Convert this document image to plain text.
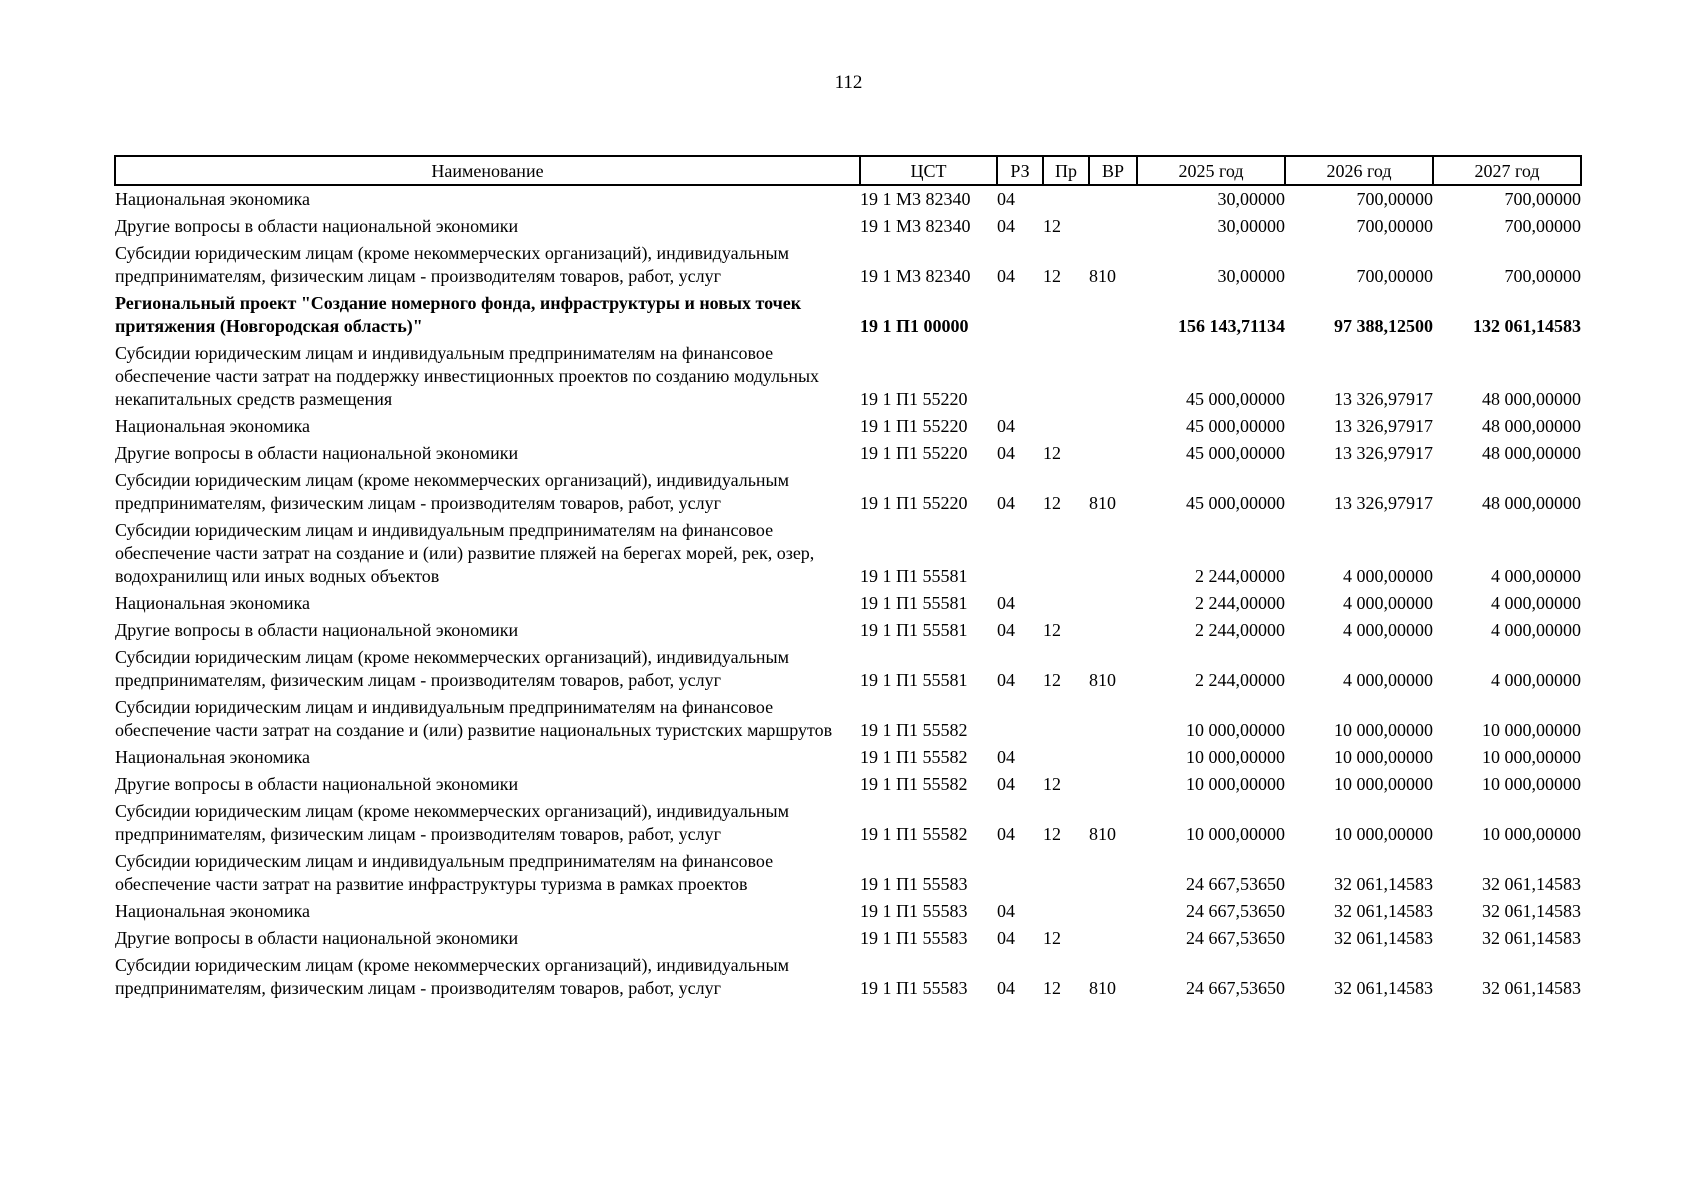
112
Наименование	ЦСТ	РЗ	Пр	ВР	2025 год	2026 год	2027 год
Национальная экономика	19 1 М3 82340	04			30,00000	700,00000	700,00000
Другие вопросы в области национальной экономики	19 1 М3 82340	04	12		30,00000	700,00000	700,00000
Субсидии юридическим лицам (кроме некоммерческих организаций), индивидуальным предпринимателям, физическим лицам - производителям товаров, работ, услуг	19 1 М3 82340	04	12	810	30,00000	700,00000	700,00000
Региональный проект "Создание номерного фонда, инфраструктуры и новых точек притяжения (Новгородская область)"	19 1 П1 00000				156 143,71134	97 388,12500	132 061,14583
Субсидии юридическим лицам и индивидуальным предпринимателям на финансовое обеспечение части затрат на поддержку инвестиционных проектов по созданию модульных некапитальных средств размещения	19 1 П1 55220				45 000,00000	13 326,97917	48 000,00000
Национальная экономика	19 1 П1 55220	04			45 000,00000	13 326,97917	48 000,00000
Другие вопросы в области национальной экономики	19 1 П1 55220	04	12		45 000,00000	13 326,97917	48 000,00000
Субсидии юридическим лицам (кроме некоммерческих организаций), индивидуальным предпринимателям, физическим лицам - производителям товаров, работ, услуг	19 1 П1 55220	04	12	810	45 000,00000	13 326,97917	48 000,00000
Субсидии юридическим лицам и индивидуальным предпринимателям на финансовое обеспечение части затрат на создание и (или) развитие пляжей на берегах морей, рек, озер, водохранилищ или иных водных объектов	19 1 П1 55581				2 244,00000	4 000,00000	4 000,00000
Национальная экономика	19 1 П1 55581	04			2 244,00000	4 000,00000	4 000,00000
Другие вопросы в области национальной экономики	19 1 П1 55581	04	12		2 244,00000	4 000,00000	4 000,00000
Субсидии юридическим лицам (кроме некоммерческих организаций), индивидуальным предпринимателям, физическим лицам - производителям товаров, работ, услуг	19 1 П1 55581	04	12	810	2 244,00000	4 000,00000	4 000,00000
Субсидии юридическим лицам и индивидуальным предпринимателям на финансовое обеспечение части затрат на создание и (или) развитие национальных туристских маршрутов	19 1 П1 55582				10 000,00000	10 000,00000	10 000,00000
Национальная экономика	19 1 П1 55582	04			10 000,00000	10 000,00000	10 000,00000
Другие вопросы в области национальной экономики	19 1 П1 55582	04	12		10 000,00000	10 000,00000	10 000,00000
Субсидии юридическим лицам (кроме некоммерческих организаций), индивидуальным предпринимателям, физическим лицам - производителям товаров, работ, услуг	19 1 П1 55582	04	12	810	10 000,00000	10 000,00000	10 000,00000
Субсидии юридическим лицам и индивидуальным предпринимателям на финансовое обеспечение части затрат на развитие инфраструктуры туризма в рамках проектов	19 1 П1 55583				24 667,53650	32 061,14583	32 061,14583
Национальная экономика	19 1 П1 55583	04			24 667,53650	32 061,14583	32 061,14583
Другие вопросы в области национальной экономики	19 1 П1 55583	04	12		24 667,53650	32 061,14583	32 061,14583
Субсидии юридическим лицам (кроме некоммерческих организаций), индивидуальным предпринимателям, физическим лицам - производителям товаров, работ, услуг	19 1 П1 55583	04	12	810	24 667,53650	32 061,14583	32 061,14583
